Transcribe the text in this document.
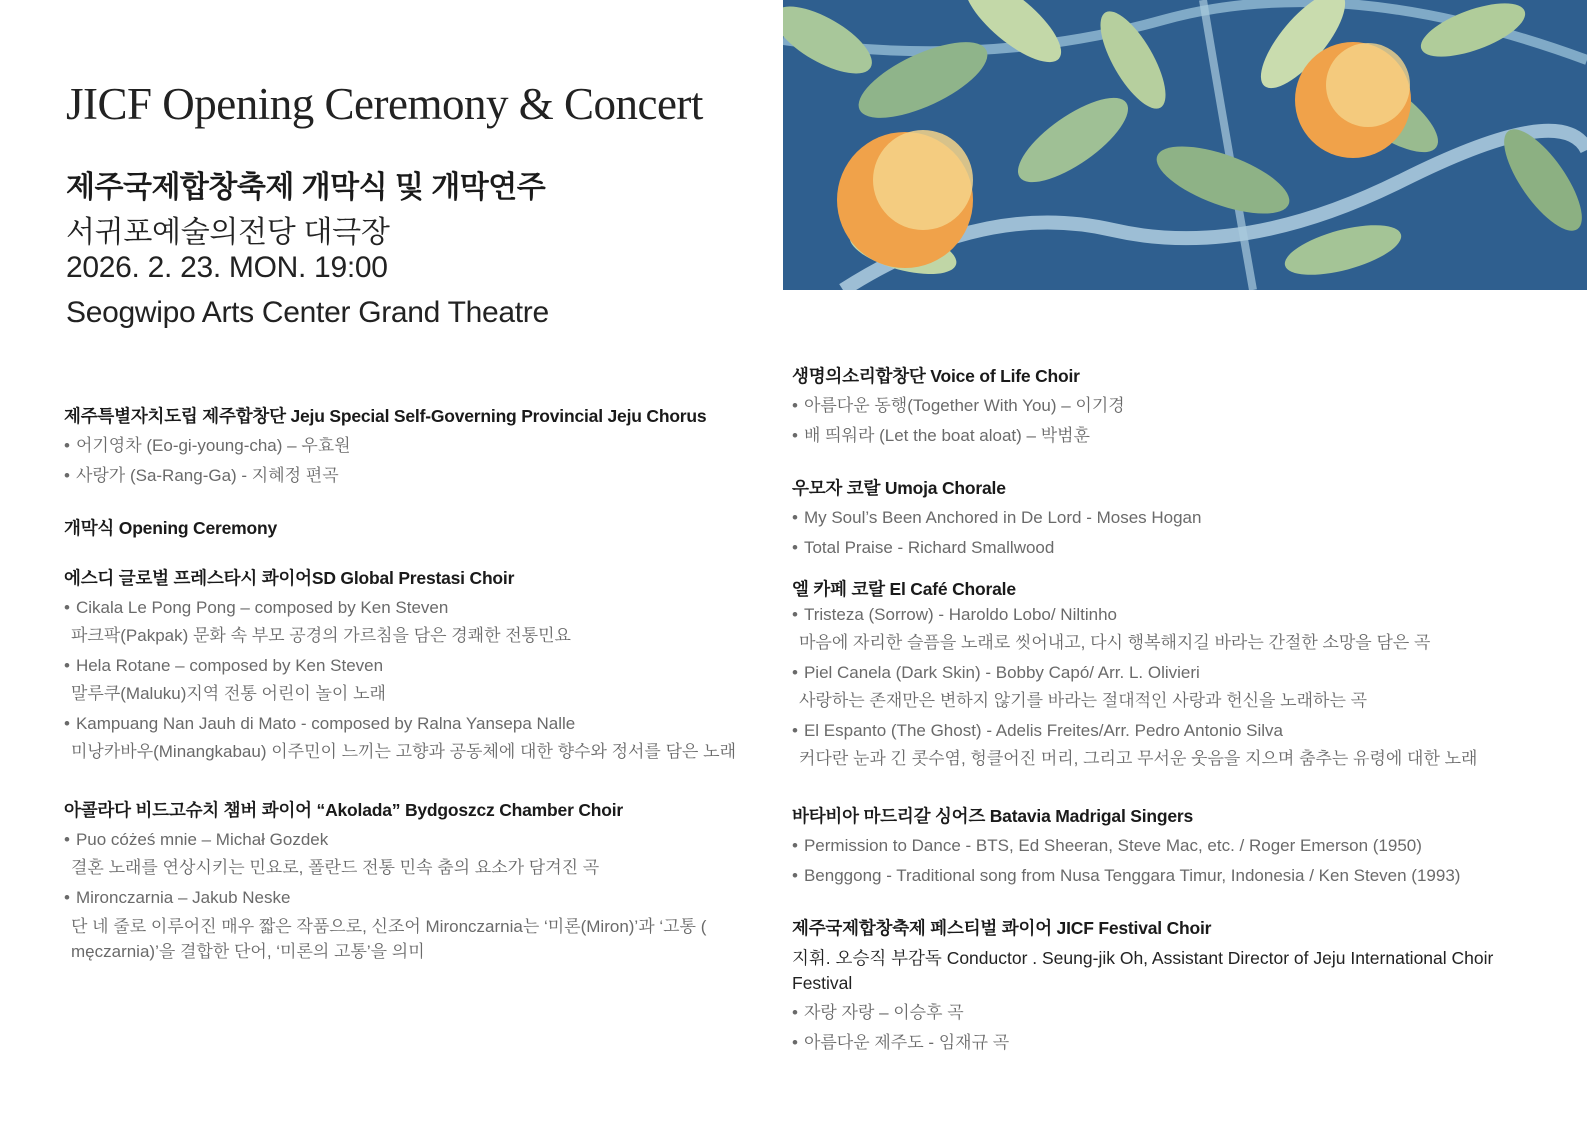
JICF Opening Ceremony & Concert
제주국제합창축제 개막식 및 개막연주

서귀포예술의전당 대극장

2026. 2. 23. MON. 19:00

Seogwipo Arts Center Grand Theatre

제주특별자치도립 제주합창단 Jeju Special Self-Governing Provincial Jeju Chorus

• 어기영차 (Eo-gi-young-cha) – 우효원

• 사랑가 (Sa-Rang-Ga) - 지혜정 편곡

개막식 Opening Ceremony

에스디 글로벌 프레스타시 콰이어SD Global Prestasi Choir

• Cikala Le Pong Pong – composed by Ken Steven

파크팍(Pakpak) 문화 속 부모 공경의 가르침을 담은 경쾌한 전통민요

• Hela Rotane – composed by Ken Steven

말루쿠(Maluku)지역 전통 어린이 놀이 노래

• Kampuang Nan Jauh di Mato - composed by Ralna Yansepa Nalle

미낭카바우(Minangkabau) 이주민이 느끼는 고향과 공동체에 대한 향수와 정서를 담은 노래

아콜라다 비드고슈치 챔버 콰이어 “Akolada” Bydgoszcz Chamber Choir

• Puo cóżeś mnie – Michał Gozdek

결혼 노래를 연상시키는 민요로, 폴란드 전통 민속 춤의 요소가 담겨진 곡

• Mironczarnia – Jakub Neske

단 네 줄로 이루어진 매우 짧은 작품으로, 신조어 Mironczarnia는 ‘미론(Miron)’과 ‘고통 ( męczarnia)’을 결합한 단어, ‘미론의 고통’을 의미

생명의소리합창단 Voice of Life Choir

• 아름다운 동행(Together With You) – 이기경

• 배 띄워라 (Let the boat aloat) – 박범훈

우모자 코랄 Umoja Chorale

• My Soul’s Been Anchored in De Lord - Moses Hogan

• Total Praise - Richard Smallwood

엘 카페 코랄 El Café Chorale

• Tristeza (Sorrow) - Haroldo Lobo/ Niltinho

마음에 자리한 슬픔을 노래로 씻어내고, 다시 행복해지길 바라는 간절한 소망을 담은 곡

• Piel Canela (Dark Skin) - Bobby Capó/ Arr. L. Olivieri

사랑하는 존재만은 변하지 않기를 바라는 절대적인 사랑과 헌신을 노래하는 곡

• El Espanto (The Ghost) - Adelis Freites/Arr. Pedro Antonio Silva

커다란 눈과 긴 콧수염, 헝클어진 머리, 그리고 무서운 웃음을 지으며 춤추는 유령에 대한 노래

바타비아 마드리갈 싱어즈 Batavia Madrigal Singers

• Permission to Dance - BTS, Ed Sheeran, Steve Mac, etc. / Roger Emerson (1950)

• Benggong - Traditional song from Nusa Tenggara Timur, Indonesia / Ken Steven (1993)

제주국제합창축제 페스티벌 콰이어 JICF Festival Choir

지휘. 오승직 부감독 Conductor . Seung-jik Oh, Assistant Director of Jeju International Choir Festival

• 자랑 자랑 – 이승후 곡

• 아름다운 제주도 - 임재규 곡
